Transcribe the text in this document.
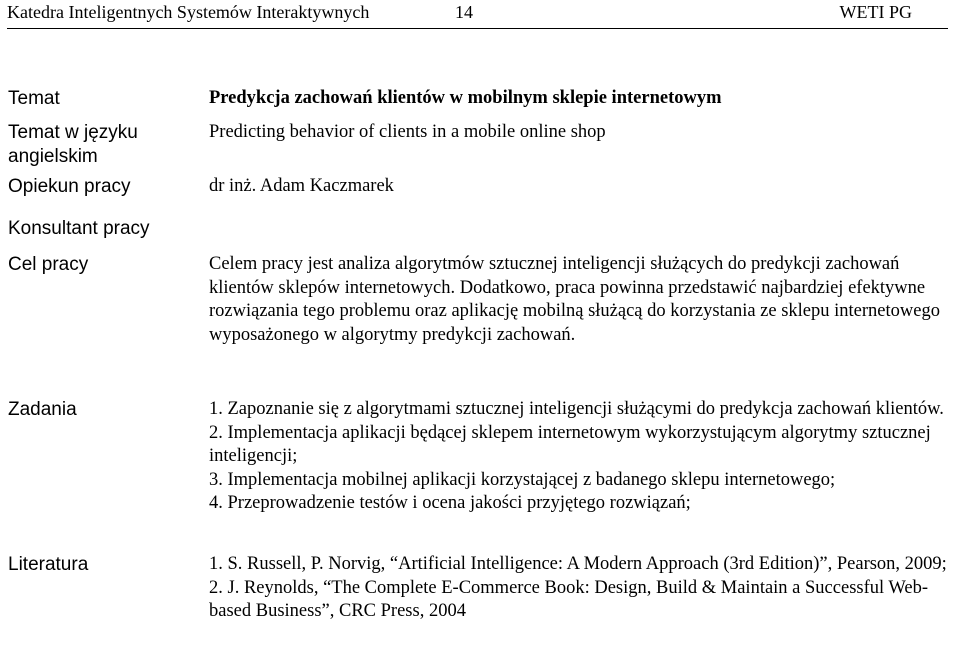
Katedra Inteligentnych Systemów Interaktywnych	14	WETI PG
Temat	Predykcja zachowań klientów w mobilnym sklepie internetowym
Temat w języku angielskim	Predicting behavior of clients in a mobile online shop
Opiekun pracy	dr inż. Adam Kaczmarek
Konsultant pracy	
Cel pracy	Celem pracy jest analiza algorytmów sztucznej inteligencji służących do predykcji zachowań klientów sklepów internetowych. Dodatkowo, praca powinna przedstawić najbardziej efektywne rozwiązania tego problemu oraz aplikację mobilną służącą do korzystania ze sklepu internetowego wyposażonego w algorytmy predykcji zachowań.
Zadania	1. Zapoznanie się z algorytmami sztucznej inteligencji służącymi do predykcja zachowań klientów.
2. Implementacja aplikacji będącej sklepem internetowym wykorzystującym algorytmy sztucznej inteligencji;
3. Implementacja mobilnej aplikacji korzystającej z badanego sklepu internetowego;
4. Przeprowadzenie testów i ocena jakości przyjętego rozwiązań;

Literatura	1. S. Russell, P. Norvig, “Artificial Intelligence: A Modern Approach (3rd Edition)”, Pearson, 2009;
2. J. Reynolds, “The Complete E-Commerce Book: Design, Build & Maintain a Successful Web-based Business”, CRC Press, 2004
